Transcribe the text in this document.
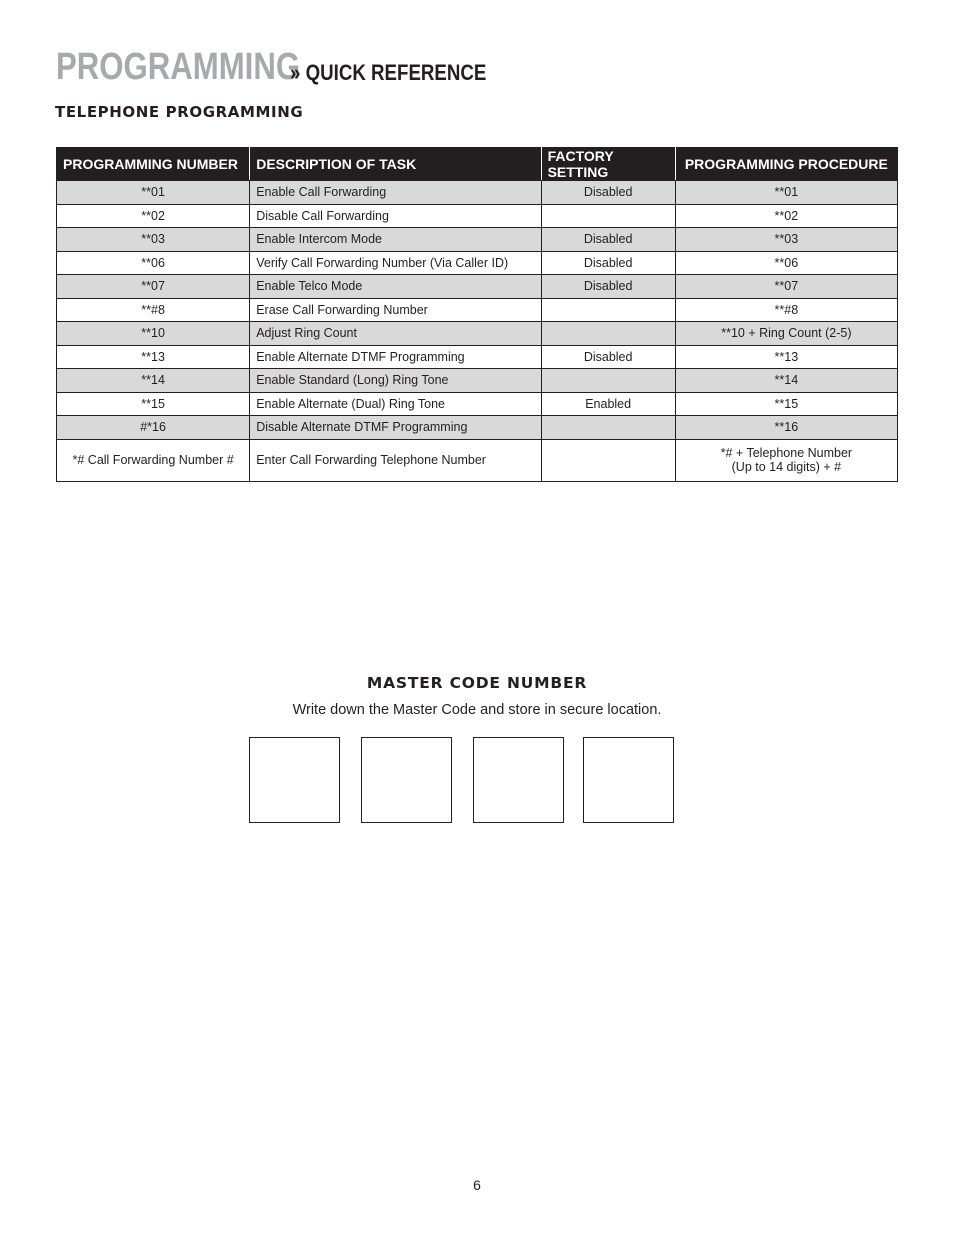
PROGRAMMING
» QUICK REFERENCE
TELEPHONE PROGRAMMING
PROGRAMMING NUMBER	DESCRIPTION OF TASK	FACTORY SETTING	PROGRAMMING PROCEDURE
**01	Enable Call Forwarding	Disabled	**01
**02	Disable Call Forwarding		**02
**03	Enable Intercom Mode	Disabled	**03
**06	Verify Call Forwarding Number (Via Caller ID)	Disabled	**06
**07	Enable Telco Mode	Disabled	**07
**#8	Erase Call Forwarding Number		**#8
**10	Adjust Ring Count		**10 + Ring Count (2-5)
**13	Enable Alternate DTMF Programming	Disabled	**13
**14	Enable Standard (Long) Ring Tone		**14
**15	Enable Alternate (Dual) Ring Tone	Enabled	**15
#*16	Disable Alternate DTMF Programming		**16
*# Call Forwarding Number #	Enter Call Forwarding Telephone Number		*# + Telephone Number
(Up to 14 digits) + #
MASTER CODE NUMBER
Write down the Master Code and store in secure location.
6
